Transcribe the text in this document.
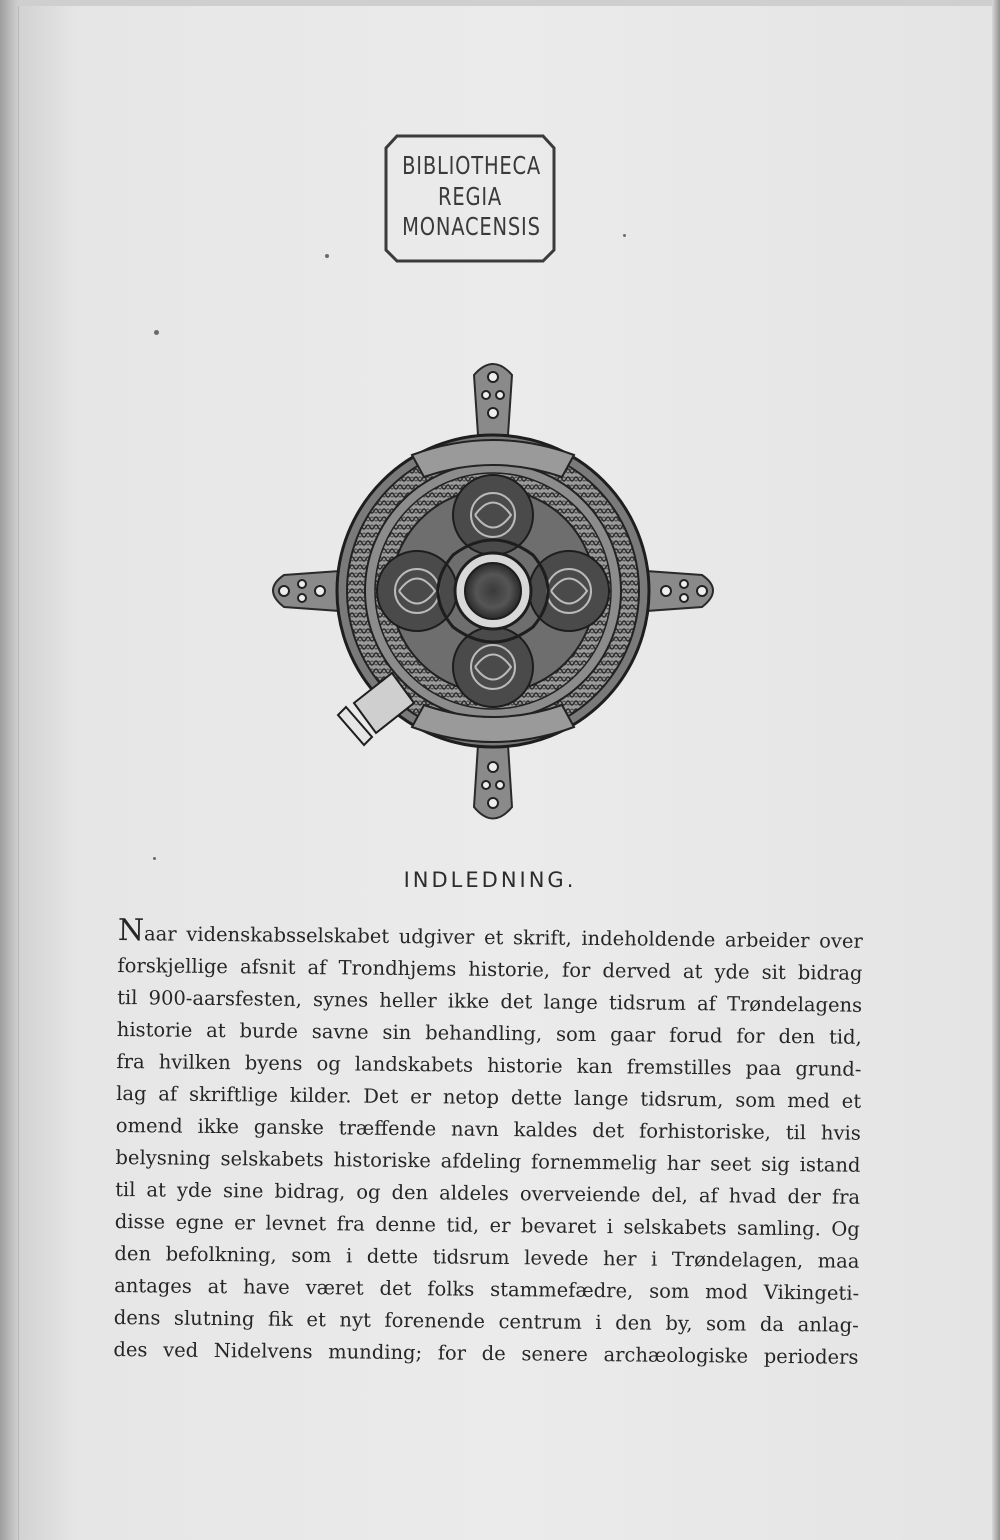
BIBLIOTHECA
REGIA
MONACENSIS
INDLEDNING.
Naar videnskabsselskabet udgiver et skrift, indeholdende arbeider over
forskjellige afsnit af Trondhjems historie, for derved at yde sit bidrag
til 900-aarsfesten, synes heller ikke det lange tidsrum af Trøndelagens
historie at burde savne sin behandling, som gaar forud for den tid,
fra hvilken byens og landskabets historie kan fremstilles paa grund-
lag af skriftlige kilder. Det er netop dette lange tidsrum, som med et
omend ikke ganske træffende navn kaldes det forhistoriske, til hvis
belysning selskabets historiske afdeling fornemmelig har seet sig istand
til at yde sine bidrag, og den aldeles overveiende del, af hvad der fra
disse egne er levnet fra denne tid, er bevaret i selskabets samling. Og
den befolkning, som i dette tidsrum levede her i Trøndelagen, maa
antages at have været det folks stammefædre, som mod Vikingeti-
dens slutning fik et nyt forenende centrum i den by, som da anlag-
des ved Nidelvens munding; for de senere archæologiske perioders
